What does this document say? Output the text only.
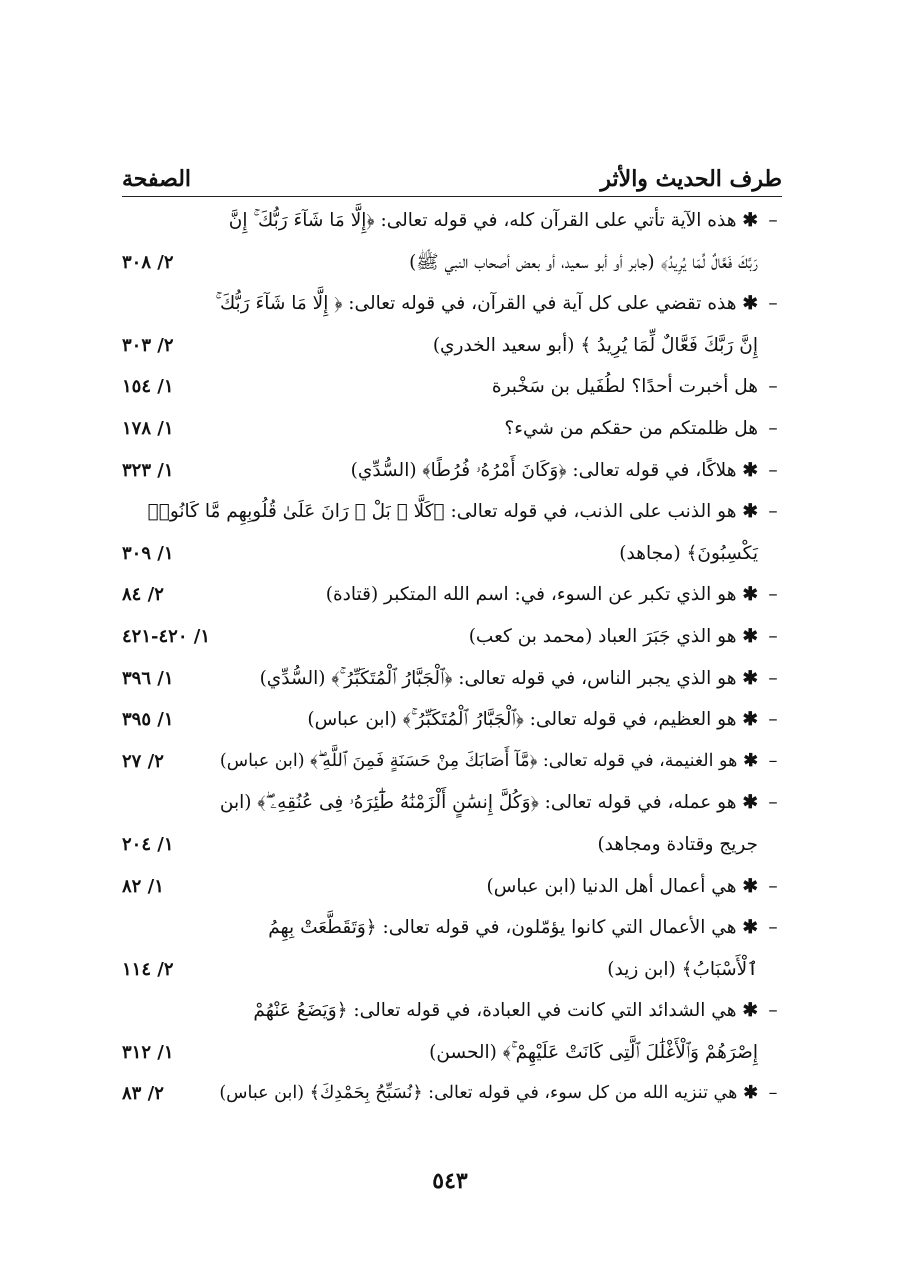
طرف الحديث والأثر
الصفحة
–
✱هذه الآية تأتي على القرآن كله، في قوله تعالى: ﴿إِلَّا مَا شَآءَ رَبُّكَ ۚ إِنَّ
رَبَّكَ فَعَّالٌ لِّمَا يُرِيدُ﴾ (جابر أو أبو سعيد، أو بعض أصحاب النبي ﷺ)
٢/ ٣٠٨
–
✱هذه تقضي على كل آية في القرآن، في قوله تعالى: ﴿ إِلَّا مَا شَآءَ رَبُّكَ ۚ
إِنَّ رَبَّكَ فَعَّالٌ لِّمَا يُرِيدُ ﴾ (أبو سعيد الخدري)
٢/ ٣٠٣
–
هل أخبرت أحدًا؟ لطُفَيل بن سَخْبرة
١/ ١٥٤
–
هل ظلمتكم من حقكم من شيء؟
١/ ١٧٨
–
✱هلاكًا، في قوله تعالى: ﴿وَكَانَ أَمْرُهُۥ فُرُطًا﴾ (السُّدِّي)
١/ ٣٢٣
–
✱هو الذنب على الذنب، في قوله تعالى: ﴿كَلَّا ۖ بَلْ ۜ رَانَ عَلَىٰ قُلُوبِهِم مَّا كَانُوا۟
يَكْسِبُونَ﴾ (مجاهد)
١/ ٣٠٩
–
✱هو الذي تكبر عن السوء، في: اسم الله المتكبر (قتادة)
٢/ ٨٤
–
✱هو الذي جَبَرَ العباد (محمد بن كعب)
١/ ٤٢٠-٤٢١
–
✱هو الذي يجبر الناس، في قوله تعالى: ﴿ٱلْجَبَّارُ ٱلْمُتَكَبِّرُ ۚ﴾ (السُّدِّي)
١/ ٣٩٦
–
✱هو العظيم، في قوله تعالى: ﴿ٱلْجَبَّارُ ٱلْمُتَكَبِّرُ ۚ﴾ (ابن عباس)
١/ ٣٩٥
–
✱هو الغنيمة، في قوله تعالى: ﴿مَّآ أَصَابَكَ مِنْ حَسَنَةٍ فَمِنَ ٱللَّهِ ۖ﴾ (ابن عباس)
٢/ ٢٧
–
✱هو عمله، في قوله تعالى: ﴿وَكُلَّ إِنسَٰنٍ أَلْزَمْنَٰهُ طَٰٓئِرَهُۥ فِى عُنُقِهِۦ ۖ﴾ (ابن
جريج وقتادة ومجاهد)
١/ ٢٠٤
–
✱هي أعمال أهل الدنيا (ابن عباس)
١/ ٨٢
–
✱هي الأعمال التي كانوا يؤمّلون، في قوله تعالى: ﴿وَتَقَطَّعَتْ بِهِمُ
ٱلْأَسْبَابُ﴾ (ابن زيد)
٢/ ١١٤
–
✱هي الشدائد التي كانت في العبادة، في قوله تعالى: ﴿وَيَضَعُ عَنْهُمْ
إِصْرَهُمْ وَٱلْأَغْلَٰلَ ٱلَّتِى كَانَتْ عَلَيْهِمْ ۚ﴾ (الحسن)
١/ ٣١٢
–
✱هي تنزيه الله من كل سوء، في قوله تعالى: ﴿نُسَبِّحُ بِحَمْدِكَ﴾ (ابن عباس)
٢/ ٨٣
٥٤٣
